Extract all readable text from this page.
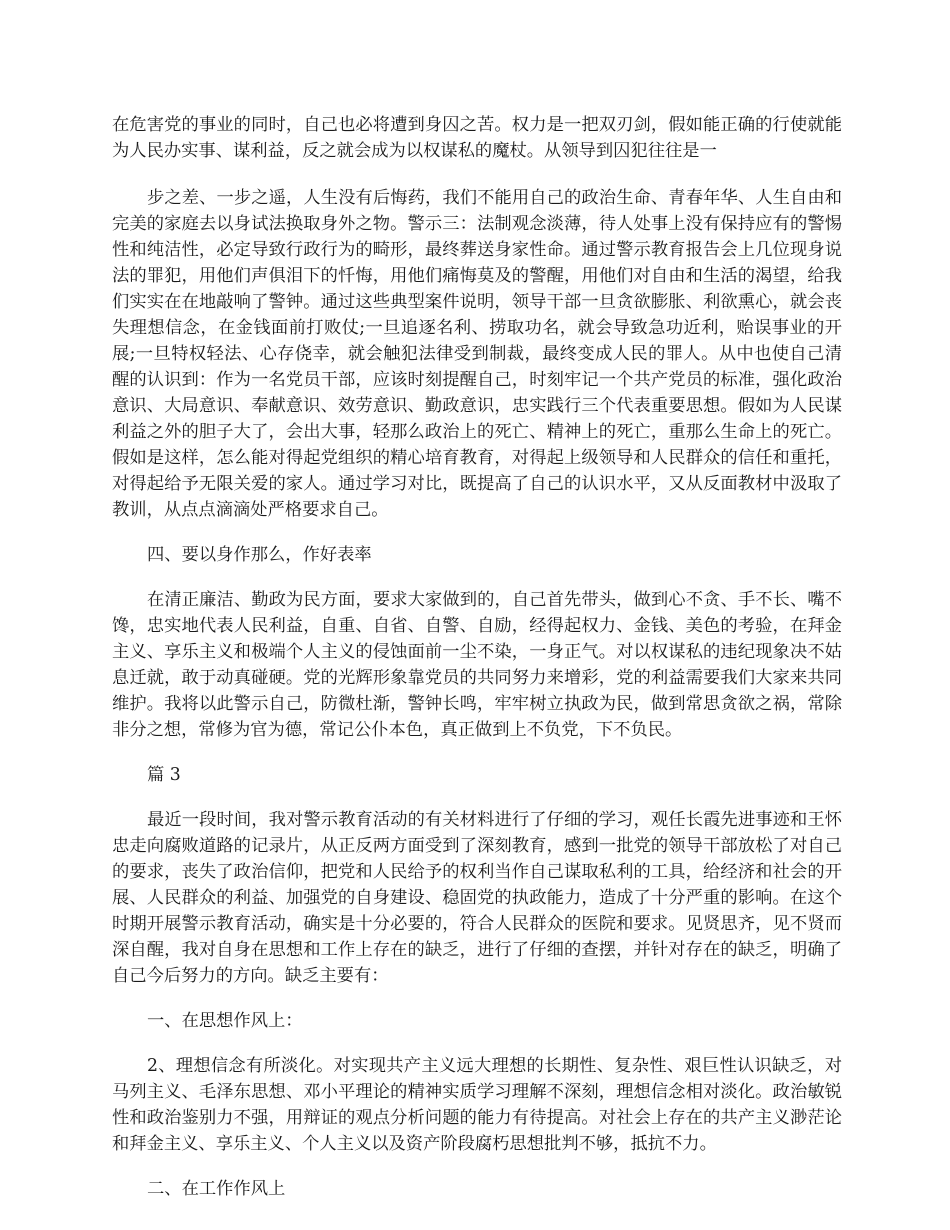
在危害党的事业的同时，自己也必将遭到身囚之苦。权力是一把双刃剑，假如能正确的行使就能为人民办实事、谋利益，反之就会成为以权谋私的魔杖。从领导到囚犯往往是一

步之差、一步之遥，人生没有后悔药，我们不能用自己的政治生命、青春年华、人生自由和完美的家庭去以身试法换取身外之物。警示三：法制观念淡薄，待人处事上没有保持应有的警惕性和纯洁性，必定导致行政行为的畸形，最终葬送身家性命。通过警示教育报告会上几位现身说法的罪犯，用他们声俱泪下的忏悔，用他们痛悔莫及的警醒，用他们对自由和生活的渴望，给我们实实在在地敲响了警钟。通过这些典型案件说明，领导干部一旦贪欲膨胀、利欲熏心，就会丧失理想信念，在金钱面前打败仗;一旦追逐名利、捞取功名，就会导致急功近利，贻误事业的开展;一旦特权轻法、心存侥幸，就会触犯法律受到制裁，最终变成人民的罪人。从中也使自己清醒的认识到：作为一名党员干部，应该时刻提醒自己，时刻牢记一个共产党员的标准，强化政治意识、大局意识、奉献意识、效劳意识、勤政意识，忠实践行三个代表重要思想。假如为人民谋利益之外的胆子大了，会出大事，轻那么政治上的死亡、精神上的死亡，重那么生命上的死亡。假如是这样，怎么能对得起党组织的精心培育教育，对得起上级领导和人民群众的信任和重托，对得起给予无限关爱的家人。通过学习对比，既提高了自己的认识水平，又从反面教材中汲取了教训，从点点滴滴处严格要求自己。

四、要以身作那么，作好表率

在清正廉洁、勤政为民方面，要求大家做到的，自己首先带头，做到心不贪、手不长、嘴不馋，忠实地代表人民利益，自重、自省、自警、自励，经得起权力、金钱、美色的考验，在拜金主义、享乐主义和极端个人主义的侵蚀面前一尘不染，一身正气。对以权谋私的违纪现象决不姑息迁就，敢于动真碰硬。党的光辉形象靠党员的共同努力来增彩，党的利益需要我们大家来共同维护。我将以此警示自己，防微杜渐，警钟长鸣，牢牢树立执政为民，做到常思贪欲之祸，常除非分之想，常修为官为德，常记公仆本色，真正做到上不负党，下不负民。

篇 3

最近一段时间，我对警示教育活动的有关材料进行了仔细的学习，观任长霞先进事迹和王怀忠走向腐败道路的记录片，从正反两方面受到了深刻教育，感到一批党的领导干部放松了对自己的要求，丧失了政治信仰，把党和人民给予的权利当作自己谋取私利的工具，给经济和社会的开展、人民群众的利益、加强党的自身建设、稳固党的执政能力，造成了十分严重的影响。在这个时期开展警示教育活动，确实是十分必要的，符合人民群众的医院和要求。见贤思齐，见不贤而深自醒，我对自身在思想和工作上存在的缺乏，进行了仔细的查摆，并针对存在的缺乏，明确了自己今后努力的方向。缺乏主要有：

一、在思想作风上：

2、理想信念有所淡化。对实现共产主义远大理想的长期性、复杂性、艰巨性认识缺乏，对马列主义、毛泽东思想、邓小平理论的精神实质学习理解不深刻，理想信念相对淡化。政治敏锐性和政治鉴别力不强，用辩证的观点分析问题的能力有待提高。对社会上存在的共产主义渺茫论和拜金主义、享乐主义、个人主义以及资产阶段腐朽思想批判不够，抵抗不力。

二、在工作作风上
